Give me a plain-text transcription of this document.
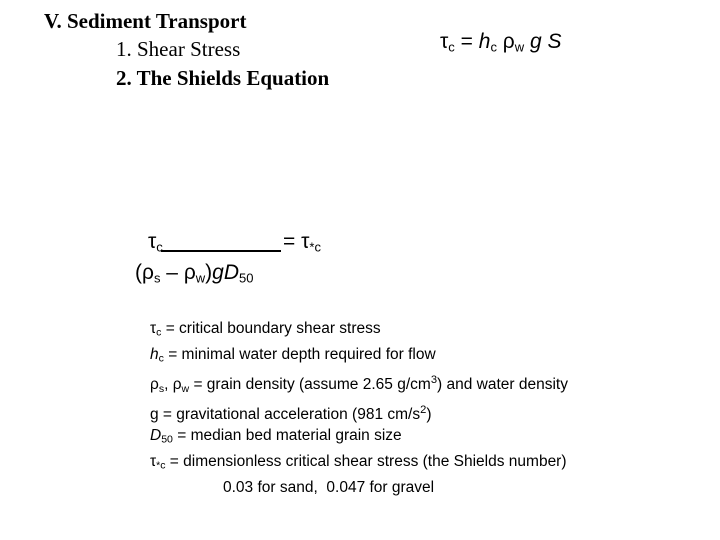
V. Sediment Transport
1. Shear Stress
2. The Shields Equation
$\tau_c = h_c$ $\rho_w$ g S
$\tau_c$	= $\tau_{*c}$
$(\rho_s - \rho_w)gD_{50}$
$\tau_c$ = critical boundary shear stress
$h_c$ = minimal water depth required for flow
$\rho_s$, $\rho_w$ = grain density (assume 2.65 $g/cm^3$) and water density
g = gravitational acceleration (981 $cm/s^2$)
$D_{50}$ = median bed material grain size
$\tau_{*c}$ = dimensionless critical shear stress (the Shields number)
0.03 for sand,  0.047 for gravel
